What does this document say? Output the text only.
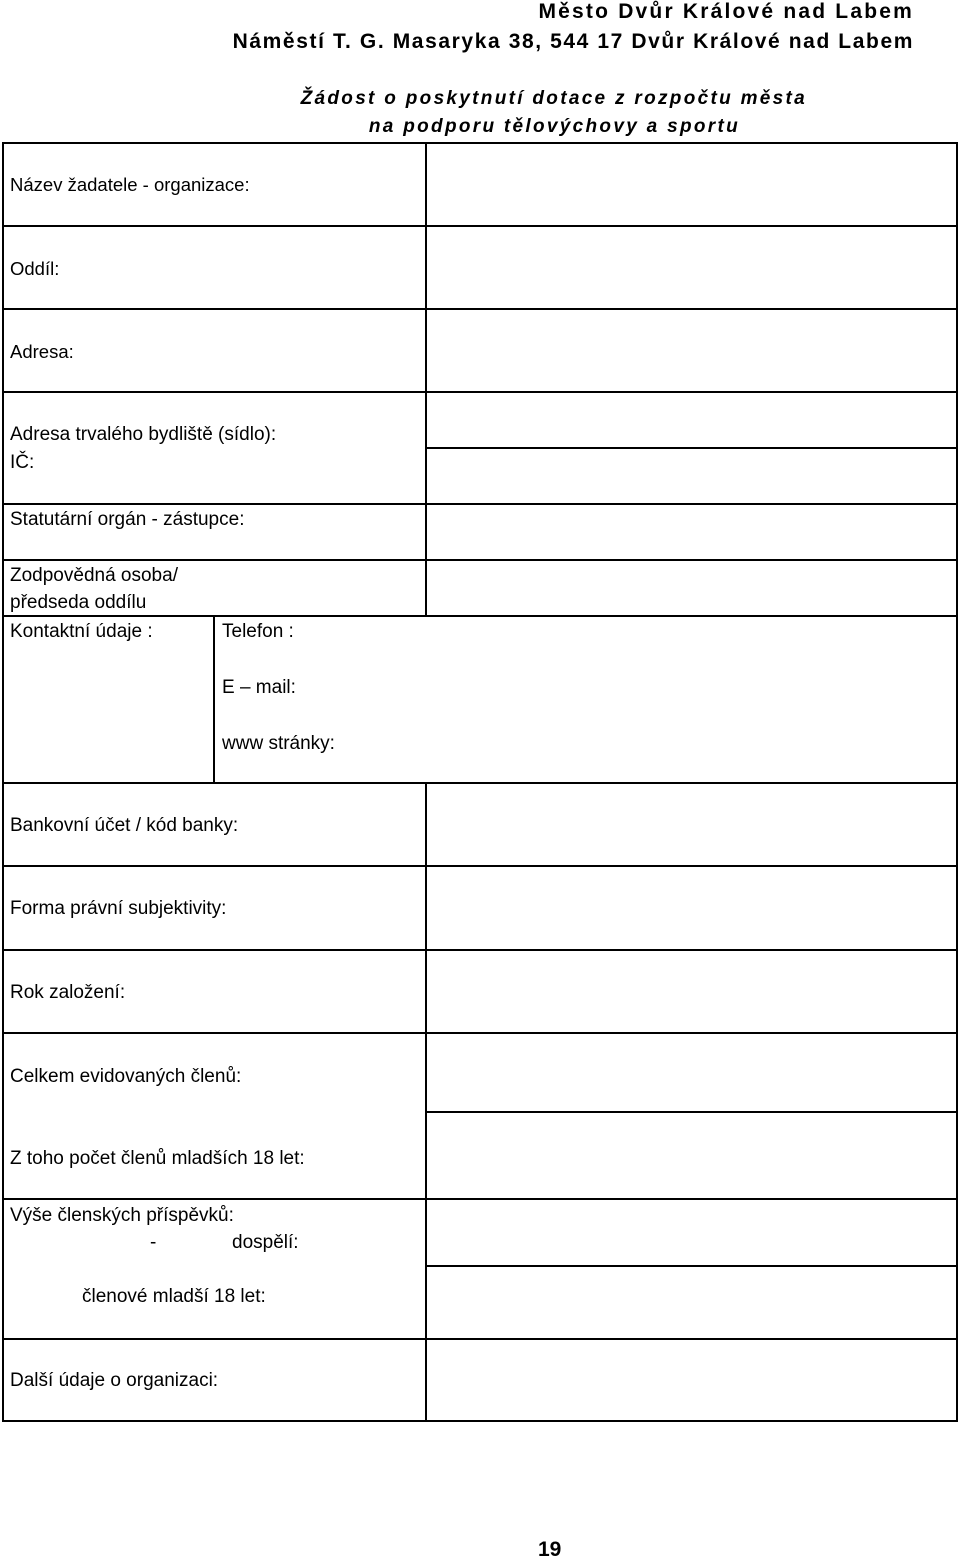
Město Dvůr Králové nad Labem
Náměstí T. G. Masaryka 38, 544 17 Dvůr Králové nad Labem
Žádost o poskytnutí dotace z rozpočtu města
na podporu tělovýchovy a sportu
Název žadatele - organizace:
Oddíl:
Adresa:
Adresa trvalého bydliště (sídlo):
IČ:
Statutární orgán - zástupce:
Zodpovědná osoba/
předseda oddílu
Kontaktní údaje :	Telefon :
E – mail:
www stránky:
Bankovní účet / kód banky:
Forma právní subjektivity:
Rok založení:
Celkem evidovaných členů:
Z toho počet členů mladších 18 let:
Výše členských příspěvků:
-	dospělí:
členové mladší 18 let:
Další údaje o organizaci:
19
